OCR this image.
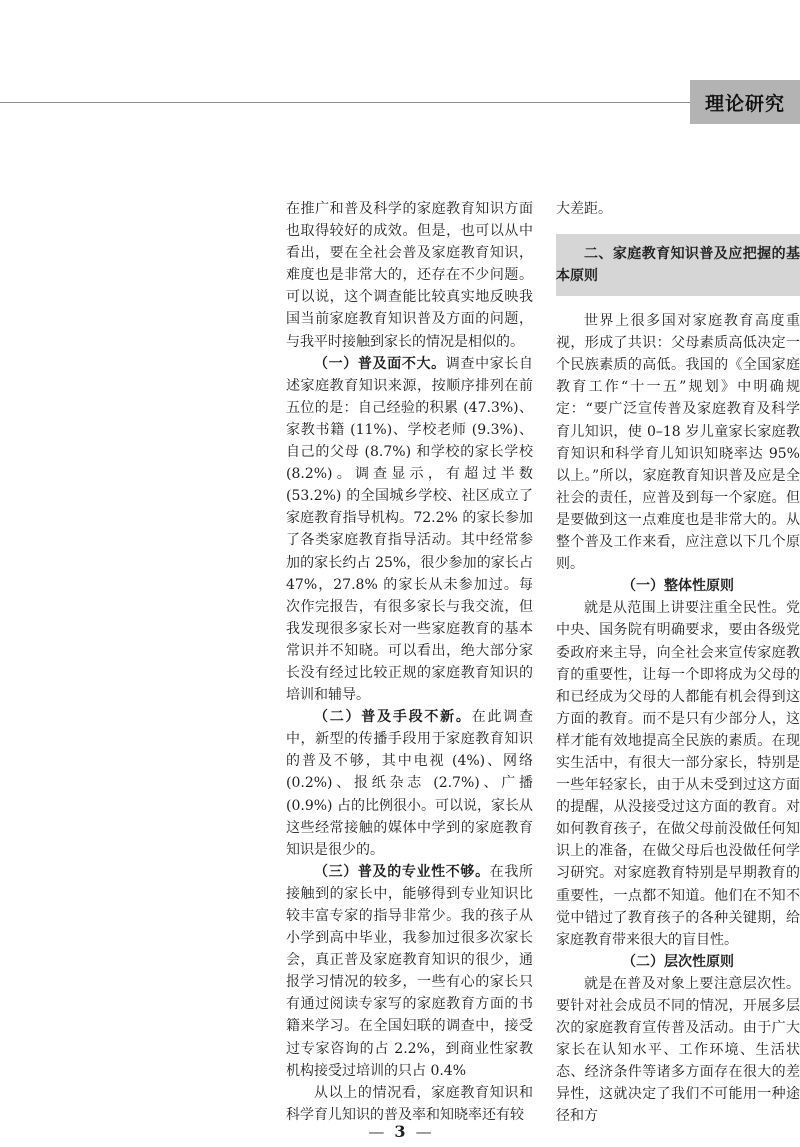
理论研究

在推广和普及科学的家庭教育知识方面也取得较好的成效。但是，也可以从中看出，要在全社会普及家庭教育知识，难度也是非常大的，还存在不少问题。可以说，这个调查能比较真实地反映我国当前家庭教育知识普及方面的问题，与我平时接触到家长的情况是相似的。

（一）普及面不大。调查中家长自述家庭教育知识来源，按顺序排列在前五位的是：自己经验的积累 (47.3%)、家教书籍 (11%)、学校老师 (9.3%)、自己的父母 (8.7%) 和学校的家长学校 (8.2%)。调查显示，有超过半数 (53.2%) 的全国城乡学校、社区成立了家庭教育指导机构。72.2% 的家长参加了各类家庭教育指导活动。其中经常参加的家长约占 25%，很少参加的家长占 47%，27.8% 的家长从未参加过。每次作完报告，有很多家长与我交流，但我发现很多家长对一些家庭教育的基本常识并不知晓。可以看出，绝大部分家长没有经过比较正规的家庭教育知识的培训和辅导。

（二）普及手段不新。在此调查中，新型的传播手段用于家庭教育知识的普及不够，其中电视 (4%)、网络 (0.2%)、报纸杂志 (2.7%)、广播 (0.9%) 占的比例很小。可以说，家长从这些经常接触的媒体中学到的家庭教育知识是很少的。

（三）普及的专业性不够。在我所接触到的家长中，能够得到专业知识比较丰富专家的指导非常少。我的孩子从小学到高中毕业，我参加过很多次家长会，真正普及家庭教育知识的很少，通报学习情况的较多，一些有心的家长只有通过阅读专家写的家庭教育方面的书籍来学习。在全国妇联的调查中，接受过专家咨询的占 2.2%，到商业性家教机构接受过培训的只占 0.4%

从以上的情况看，家庭教育知识和科学育儿知识的普及率和知晓率还有较

大差距。

二、家庭教育知识普及应把握的基本原则

世界上很多国对家庭教育高度重视，形成了共识：父母素质高低决定一个民族素质的高低。我国的《全国家庭教育工作“十一五”规划》中明确规定：“要广泛宣传普及家庭教育及科学育儿知识，使 0–18 岁儿童家长家庭教育知识和科学育儿知识知晓率达 95% 以上。”所以，家庭教育知识普及应是全社会的责任，应普及到每一个家庭。但是要做到这一点难度也是非常大的。从整个普及工作来看，应注意以下几个原则。

（一）整体性原则

就是从范围上讲要注重全民性。党中央、国务院有明确要求，要由各级党委政府来主导，向全社会来宣传家庭教育的重要性，让每一个即将成为父母的和已经成为父母的人都能有机会得到这方面的教育。而不是只有少部分人，这样才能有效地提高全民族的素质。在现实生活中，有很大一部分家长，特别是一些年轻家长，由于从未受到过这方面的提醒，从没接受过这方面的教育。对如何教育孩子，在做父母前没做任何知识上的准备，在做父母后也没做任何学习研究。对家庭教育特别是早期教育的重要性，一点都不知道。他们在不知不觉中错过了教育孩子的各种关键期，给家庭教育带来很大的盲目性。

（二）层次性原则

就是在普及对象上要注意层次性。要针对社会成员不同的情况，开展多层次的家庭教育宣传普及活动。由于广大家长在认知水平、工作环境、生活状态、经济条件等诸多方面存在很大的差异性，这就决定了我们不可能用一种途径和方

— 3 —
